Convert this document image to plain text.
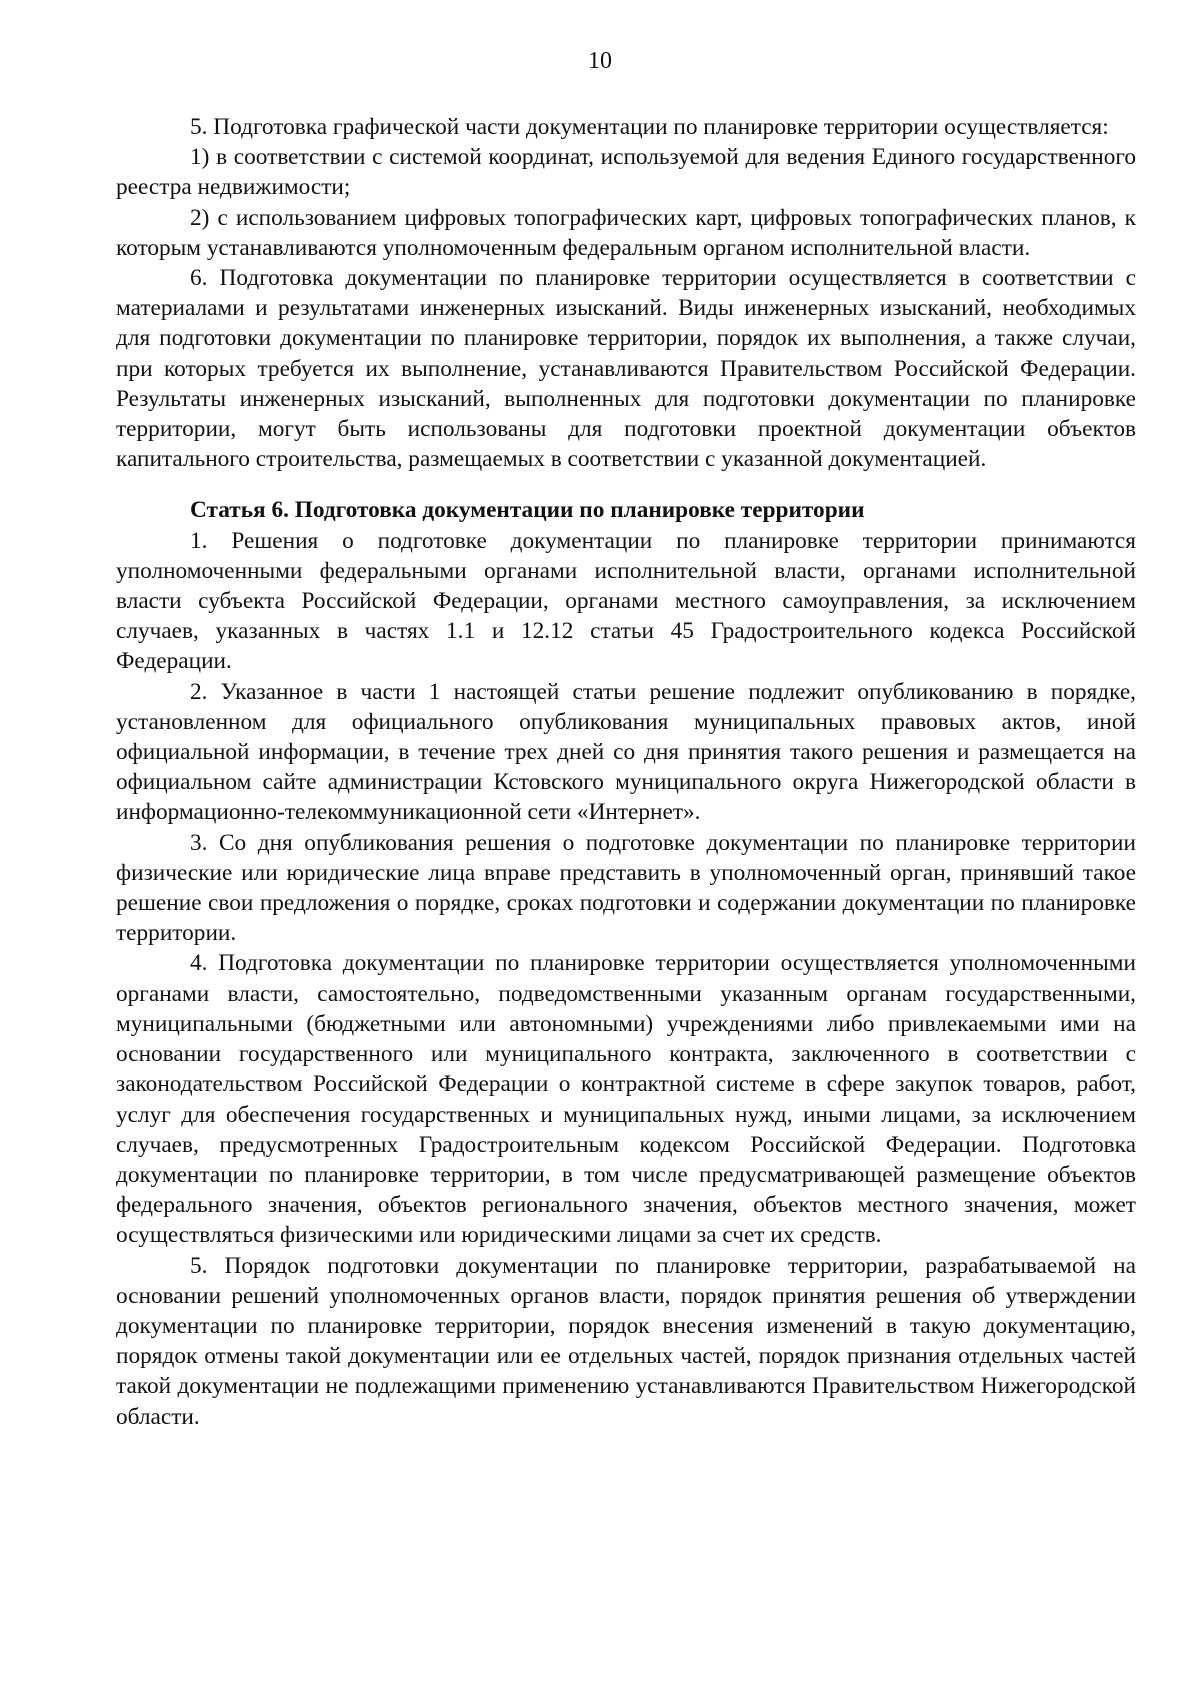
10

5. Подготовка графической части документации по планировке территории осуществляется:

1) в соответствии с системой координат, используемой для ведения Единого государственного реестра недвижимости;

2) с использованием цифровых топографических карт, цифровых топографических планов, к которым устанавливаются уполномоченным федеральным органом исполнительной власти.

6. Подготовка документации по планировке территории осуществляется в соответствии с материалами и результатами инженерных изысканий. Виды инженерных изысканий, необходимых для подготовки документации по планировке территории, порядок их выполнения, а также случаи, при которых требуется их выполнение, устанавливаются Правительством Российской Федерации. Результаты инженерных изысканий, выполненных для подготовки документации по планировке территории, могут быть использованы для подготовки проектной документации объектов капитального строительства, размещаемых в соответствии с указанной документацией.

Статья 6. Подготовка документации по планировке территории

1. Решения о подготовке документации по планировке территории принимаются уполномоченными федеральными органами исполнительной власти, органами исполнительной власти субъекта Российской Федерации, органами местного самоуправления, за исключением случаев, указанных в частях 1.1 и 12.12 статьи 45 Градостроительного кодекса Российской Федерации.

2. Указанное в части 1 настоящей статьи решение подлежит опубликованию в порядке, установленном для официального опубликования муниципальных правовых актов, иной официальной информации, в течение трех дней со дня принятия такого решения и размещается на официальном сайте администрации Кстовского муниципального округа Нижегородской области в информационно-телекоммуникационной сети «Интернет».

3. Со дня опубликования решения о подготовке документации по планировке территории физические или юридические лица вправе представить в уполномоченный орган, принявший такое решение свои предложения о порядке, сроках подготовки и содержании документации по планировке территории.

4. Подготовка документации по планировке территории осуществляется уполномоченными органами власти, самостоятельно, подведомственными указанным органам государственными, муниципальными (бюджетными или автономными) учреждениями либо привлекаемыми ими на основании государственного или муниципального контракта, заключенного в соответствии с законодательством Российской Федерации о контрактной системе в сфере закупок товаров, работ, услуг для обеспечения государственных и муниципальных нужд, иными лицами, за исключением случаев, предусмотренных Градостроительным кодексом Российской Федерации. Подготовка документации по планировке территории, в том числе предусматривающей размещение объектов федерального значения, объектов регионального значения, объектов местного значения, может осуществляться физическими или юридическими лицами за счет их средств.

5. Порядок подготовки документации по планировке территории, разрабатываемой на основании решений уполномоченных органов власти, порядок принятия решения об утверждении документации по планировке территории, порядок внесения изменений в такую документацию, порядок отмены такой документации или ее отдельных частей, порядок признания отдельных частей такой документации не подлежащими применению устанавливаются Правительством Нижегородской области.
